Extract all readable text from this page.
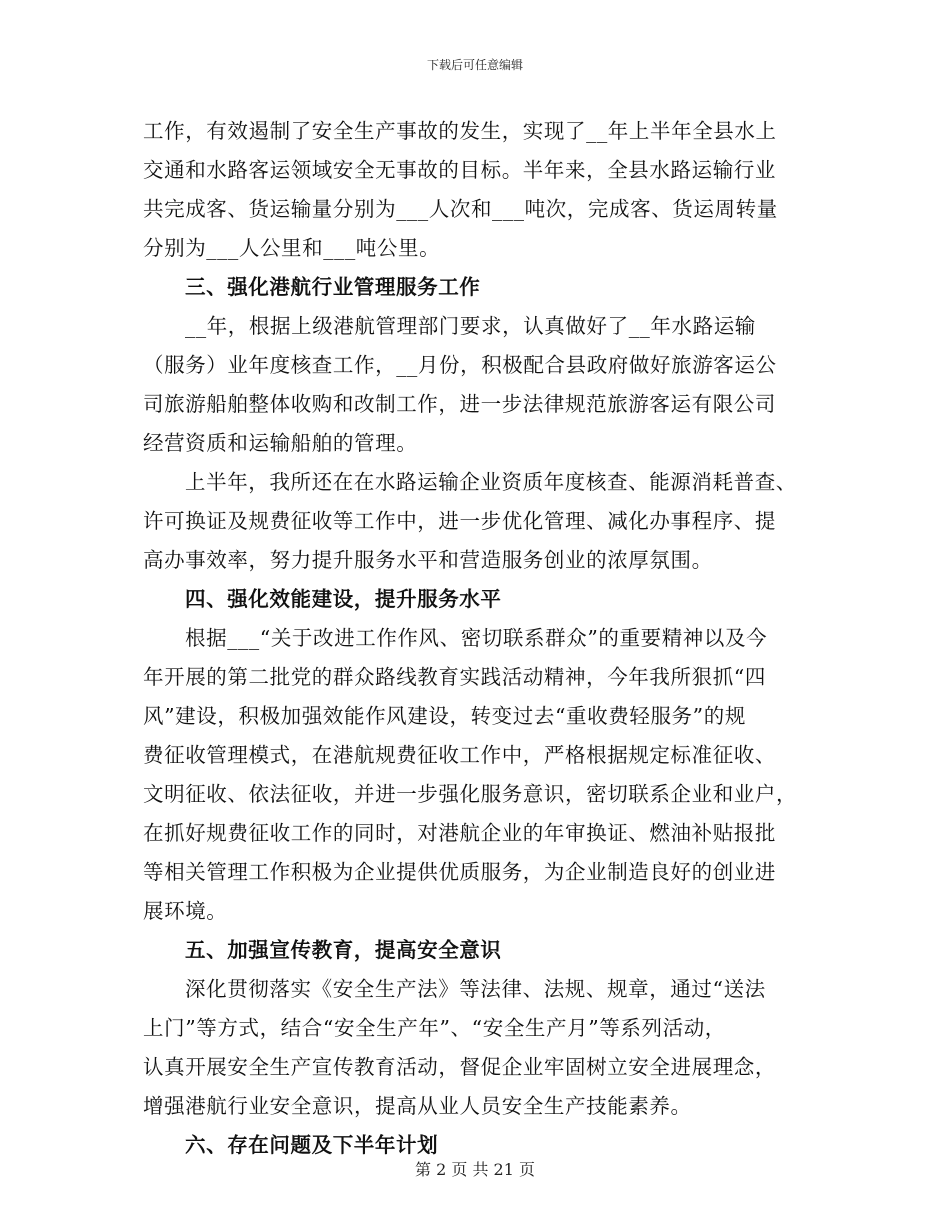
下载后可任意编辑
工作，有效遏制了安全生产事故的发生，实现了__年上半年全县水上
交通和水路客运领域安全无事故的目标。半年来，全县水路运输行业
共完成客、货运输量分别为___人次和___吨次，完成客、货运周转量
分别为___人公里和___吨公里。
三、强化港航行业管理服务工作
__年，根据上级港航管理部门要求，认真做好了__年水路运输
（服务）业年度核查工作，__月份，积极配合县政府做好旅游客运公
司旅游船舶整体收购和改制工作，进一步法律规范旅游客运有限公司
经营资质和运输船舶的管理。
上半年，我所还在在水路运输企业资质年度核查、能源消耗普查、
许可换证及规费征收等工作中，进一步优化管理、减化办事程序、提
高办事效率，努力提升服务水平和营造服务创业的浓厚氛围。
四、强化效能建设，提升服务水平
根据___“关于改进工作作风、密切联系群众”的重要精神以及今
年开展的第二批党的群众路线教育实践活动精神，今年我所狠抓“四
风”建设，积极加强效能作风建设，转变过去“重收费轻服务”的规
费征收管理模式，在港航规费征收工作中，严格根据规定标准征收、
文明征收、依法征收，并进一步强化服务意识，密切联系企业和业户，
在抓好规费征收工作的同时，对港航企业的年审换证、燃油补贴报批
等相关管理工作积极为企业提供优质服务，为企业制造良好的创业进
展环境。
五、加强宣传教育，提高安全意识
深化贯彻落实《安全生产法》等法律、法规、规章，通过“送法
上门”等方式，结合“安全生产年”、“安全生产月”等系列活动，
认真开展安全生产宣传教育活动，督促企业牢固树立安全进展理念，
增强港航行业安全意识，提高从业人员安全生产技能素养。
六、存在问题及下半年计划
第 2 页 共 21 页
